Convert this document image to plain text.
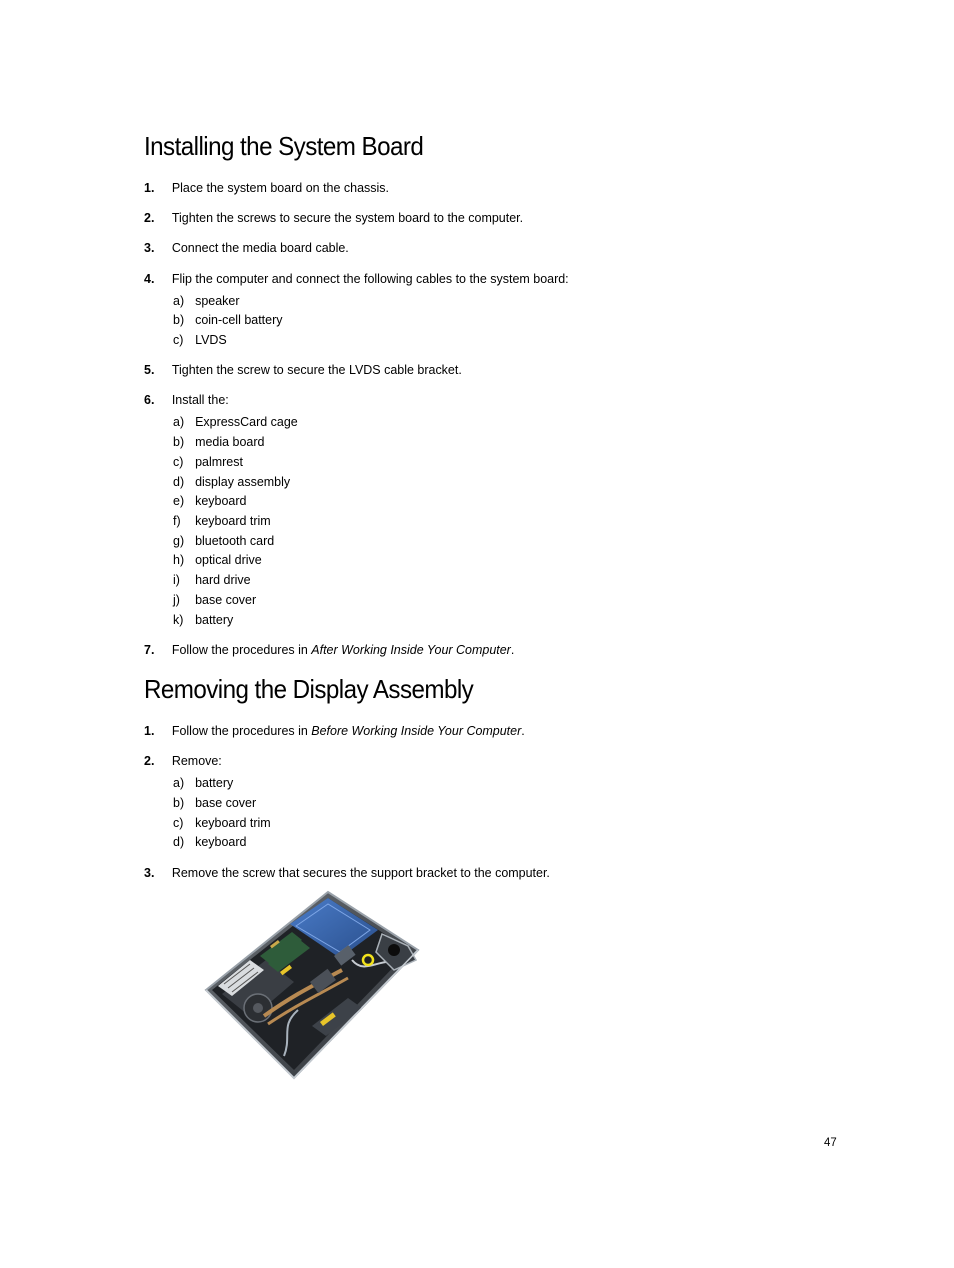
Installing the System Board
1. Place the system board on the chassis.
2. Tighten the screws to secure the system board to the computer.
3. Connect the media board cable.
4. Flip the computer and connect the following cables to the system board:
a) speaker
b) coin-cell battery
c) LVDS
5. Tighten the screw to secure the LVDS cable bracket.
6. Install the:
a) ExpressCard cage
b) media board
c) palmrest
d) display assembly
e) keyboard
f) keyboard trim
g) bluetooth card
h) optical drive
i) hard drive
j) base cover
k) battery
7. Follow the procedures in After Working Inside Your Computer.
Removing the Display Assembly
1. Follow the procedures in Before Working Inside Your Computer.
2. Remove:
a) battery
b) base cover
c) keyboard trim
d) keyboard
3. Remove the screw that secures the support bracket to the computer.
47
